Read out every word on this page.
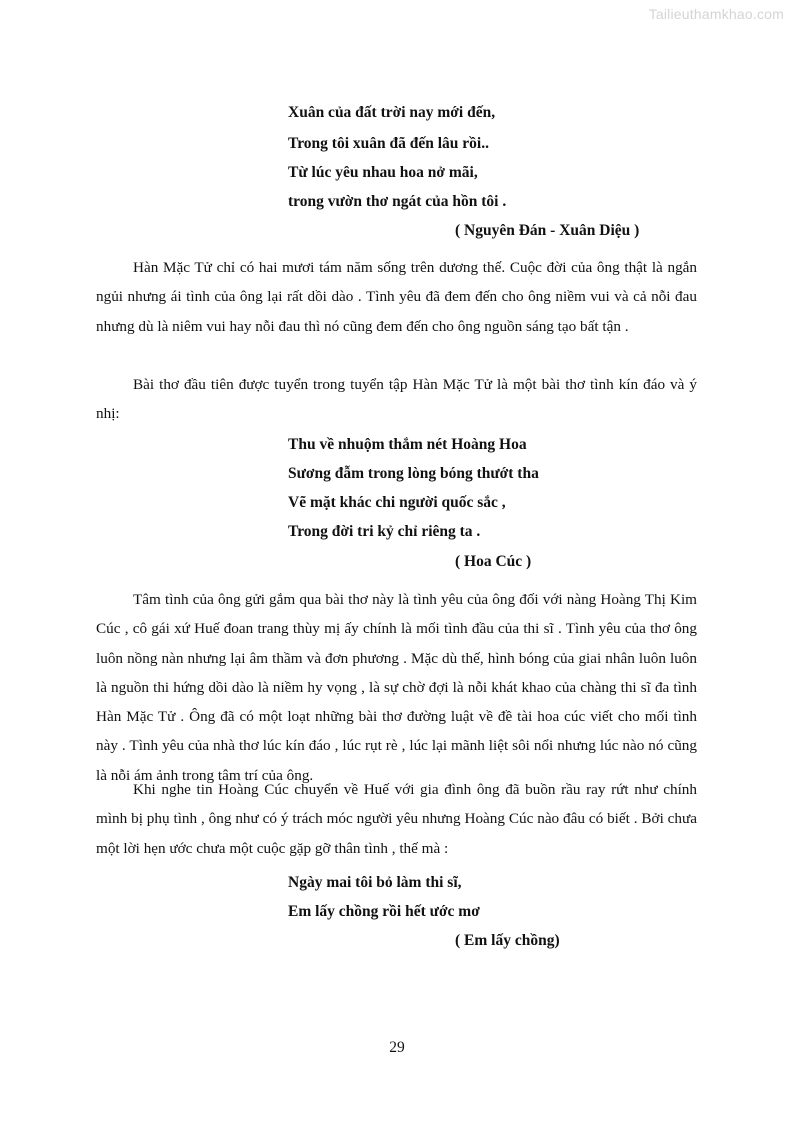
Tailieuthamkhao.com
Xuân của đất trời nay mới đến,
Trong tôi xuân đã đến lâu rồi..
Từ lúc yêu nhau hoa nở mãi,
trong vườn thơ ngát của hồn tôi .
( Nguyên Đán - Xuân Diệu )
Hàn Mặc Tử chỉ có hai mươi tám năm sống trên dương thế. Cuộc đời của ông thật là ngắn ngủi nhưng ái tình của ông lại rất dồi dào . Tình yêu đã đem đến cho ông niềm vui và cả nỗi đau nhưng dù là niêm vui hay nỗi đau thì nó cũng đem đến cho ông nguồn sáng tạo bất tận .
Bài thơ đầu tiên được tuyển trong tuyển tập Hàn Mặc Tử là một bài thơ tình kín đáo và ý nhị:
Thu về nhuộm thắm nét Hoàng Hoa
Sương đẫm trong lòng bóng thướt tha
Vẽ mặt khác chi người quốc sắc ,
Trong đời tri kỷ chỉ riêng ta .
( Hoa Cúc )
Tâm tình của ông gửi gắm qua bài thơ này là tình yêu của ông đối với nàng Hoàng Thị Kim Cúc , cô gái xứ Huế đoan trang thùy mị ấy chính là mối tình đầu của thi sĩ . Tình yêu của thơ ông luôn nồng nàn nhưng lại âm thầm và đơn phương . Mặc dù thế, hình bóng của giai nhân luôn luôn là nguồn thi hứng dồi dào là niềm hy vọng , là sự chờ đợi là nỗi khát khao của chàng thi sĩ đa tình Hàn Mặc Tử . Ông đã có một loạt những bài thơ đường luật về đề tài hoa cúc viết cho mối tình này . Tình yêu của nhà thơ lúc kín đáo , lúc rụt rè , lúc lại mãnh liệt sôi nổi nhưng lúc nào nó cũng là nỗi ám ảnh trong tâm trí của ông.
Khi nghe tin Hoàng Cúc chuyển về Huế với gia đình ông đã buồn rầu ray rứt như chính mình bị phụ tình , ông như có ý trách móc người yêu nhưng Hoàng Cúc nào đâu có biết . Bởi chưa một lời hẹn ước chưa một cuộc gặp gỡ thân tình , thế mà :
Ngày mai tôi bỏ làm thi sĩ,
Em lấy chồng rồi hết ước mơ
( Em lấy chồng)
29
